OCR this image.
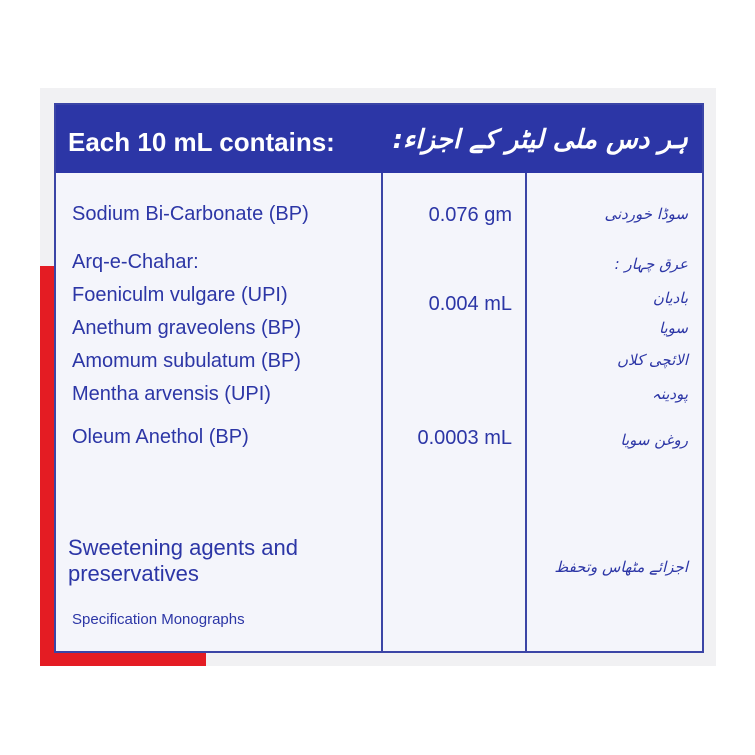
Each 10 mL contains: ہر دس ملی لیٹر کے اجزاء:
Sodium Bi-Carbonate (BP)
Arq-e-Chahar:
Foeniculm vulgare (UPI)
Anethum graveolens (BP)
Amomum subulatum (BP)
Mentha arvensis (UPI)
Oleum Anethol (BP)
0.076 gm
0.004 mL
0.0003 mL
سوڈا خوردنی
عرق چہار :
بادیان
سویا
الائچی کلاں
پودینہ
روغن سویا
Sweetening agents and
preservatives	اجزائے مٹھاس وتحفظ
Specification Monographs
